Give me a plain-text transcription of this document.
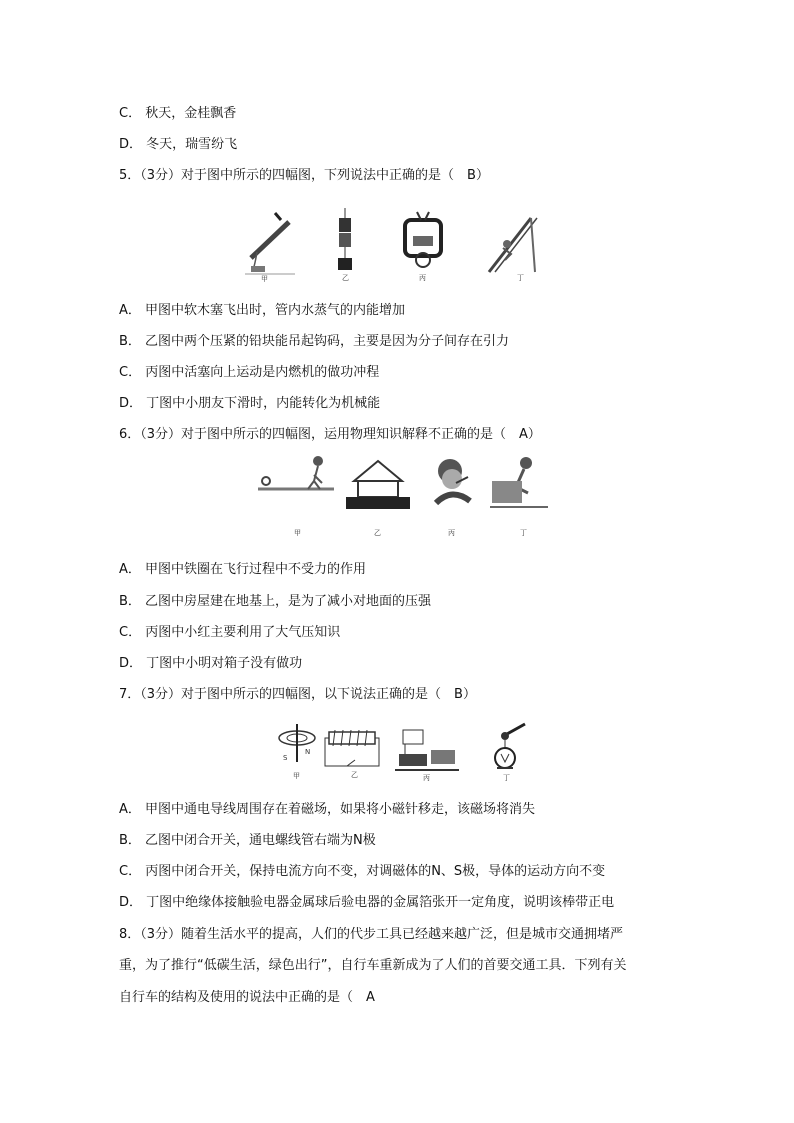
C． 秋天，金桂飘香
D． 冬天，瑞雪纷飞
5．（3分）对于图中所示的四幅图，下列说法中正确的是（　B）
甲	乙	丙	丁
A． 甲图中软木塞飞出时，管内水蒸气的内能增加
B． 乙图中两个压紧的铅块能吊起钩码，主要是因为分子间存在引力
C． 丙图中活塞向上运动是内燃机的做功冲程
D． 丁图中小朋友下滑时，内能转化为机械能
6．（3分）对于图中所示的四幅图，运用物理知识解释不正确的是（　A）
甲	乙	丙	丁
A． 甲图中铁圈在飞行过程中不受力的作用
B． 乙图中房屋建在地基上，是为了减小对地面的压强
C． 丙图中小红主要利用了大气压知识
D． 丁图中小明对箱子没有做功
7．（3分）对于图中所示的四幅图，以下说法正确的是（　B）
S
N
甲	乙	丙	丁
A． 甲图中通电导线周围存在着磁场，如果将小磁针移走，该磁场将消失
B． 乙图中闭合开关，通电螺线管右端为N极
C． 丙图中闭合开关，保持电流方向不变，对调磁体的N、S极，导体的运动方向不变
D． 丁图中绝缘体接触验电器金属球后验电器的金属箔张开一定角度，说明该棒带正电
8．（3分）随着生活水平的提高，人们的代步工具已经越来越广泛，但是城市交通拥堵严
重，为了推行“低碳生活，绿色出行”，自行车重新成为了人们的首要交通工具．下列有关
自行车的结构及使用的说法中正确的是（　A
